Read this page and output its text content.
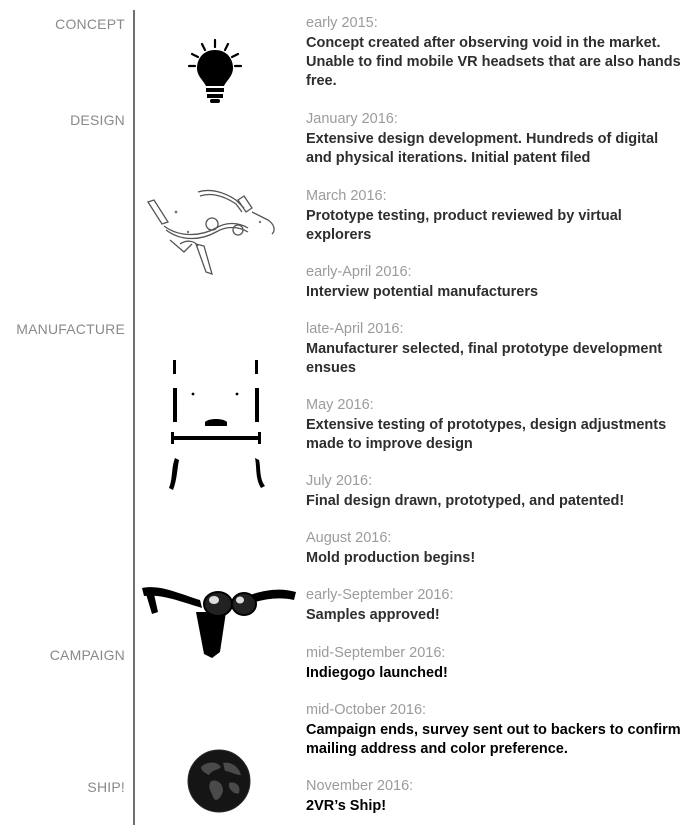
CONCEPT
DESIGN
MANUFACTURE
CAMPAIGN
SHIP!
early 2015:
Concept created after observing void in the market. Unable to find mobile VR headsets that are also hands free.
January 2016:
Extensive design development. Hundreds of digital and physical iterations. Initial patent filed
March 2016:
Prototype testing, product reviewed by virtual explorers
early-April 2016:
Interview potential manufacturers
late-April 2016:
Manufacturer selected, final prototype development ensues
May 2016:
Extensive testing of prototypes, design adjustments made to improve design
July 2016:
Final design drawn, prototyped, and patented!
August 2016:
Mold production begins!
early-September 2016:
Samples approved!
mid-September 2016:
Indiegogo launched!
mid-October 2016:
Campaign ends, survey sent out to backers to confirm mailing address and color preference.
November 2016:
2VR’s Ship!
